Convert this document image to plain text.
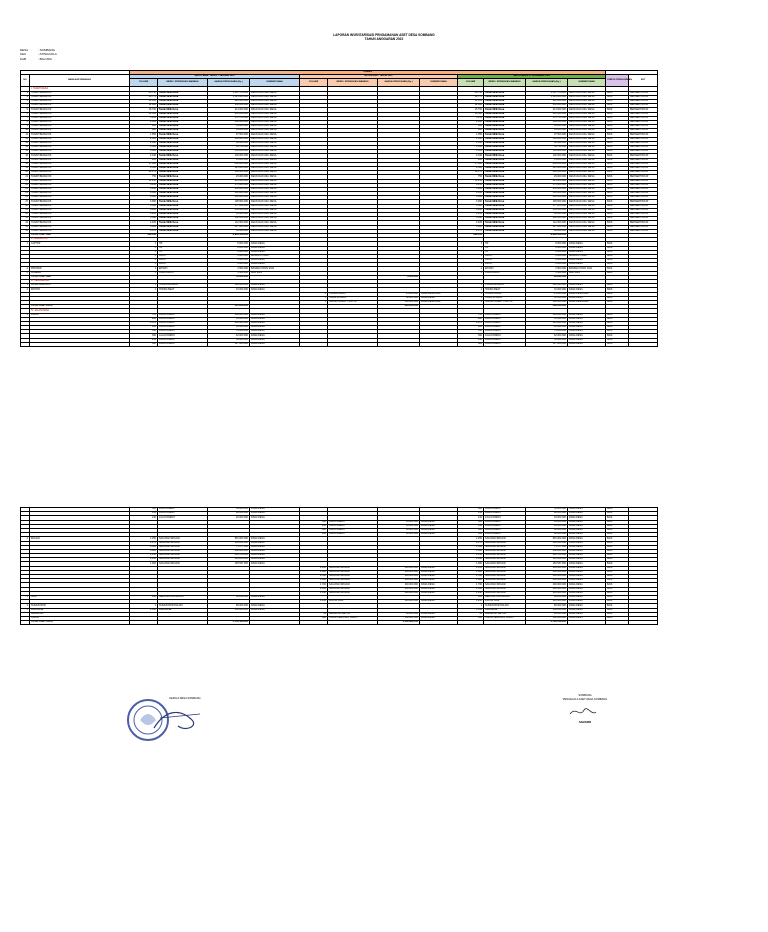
LAPORAN INVENTARISASI PENGAMANAN ASET DESA SOMBANG
TAHUN ANGGARAN 2022
DESA	: SOMBANG
KEC	: ATINGGOLA
KAB	: BALORA
		URAIAN													
NO	NAMA ASET/BARANG	SALDO AWAL TAHUN 1 JANUARI 2022				MUTASI ASET TAHUN 2022				SALDO AKHIR 31 DESEMBER 2022				STATUS PENGGUNAAN	KET
		VOLUME	MERK / SPESIFIKASI BARANG	HARGA PEROLEHAN (Rp.)	SUMBER DANA	VOLUME	MERK / SPESIFIKASI BARANG	HARGA PEROLEHAN (Rp.)	SUMBER DANA	VOLUME	MERK / SPESIFIKASI BARANG	HARGA PEROLEHAN (Rp.)	SUMBER DANA		
	I. TANAH DESA														
1	TANAH BENGKOK	86.740	Tanah Milik Desa	1.467.578.000	KEKAYAAN ASLI DESA					86.740	Tanah Milik Desa	1.467.578.000	KEKAYAAN ASLI DESA	BAIK	BERSERTIFIKAT
2	TANAH BENGKOK	30.775	Tanah Milik Desa	1.125.000.000	KEKAYAAN ASLI DESA					30.775	Tanah Milik Desa	1.125.000.000	KEKAYAAN ASLI DESA	BAIK	BERSERTIFIKAT
3	TANAH BENGKOK	11.100	Tanah Milik Desa	222.000.000	KEKAYAAN ASLI DESA					11.100	Tanah Milik Desa	222.000.000	KEKAYAAN ASLI DESA	BAIK	BERSERTIFIKAT
4	TANAH BENGKOK	12.900	Tanah Milik Desa	258.000.000	KEKAYAAN ASLI DESA					12.900	Tanah Milik Desa	258.000.000	KEKAYAAN ASLI DESA	BAIK	BERSERTIFIKAT
5	TANAH BENGKOK	15.700	Tanah Milik Desa	314.000.000	KEKAYAAN ASLI DESA					15.700	Tanah Milik Desa	314.000.000	KEKAYAAN ASLI DESA	BAIK	BERSERTIFIKAT
6	TANAH BENGKOK	10.300	Tanah Milik Desa	206.000.000	KEKAYAAN ASLI DESA					10.300	Tanah Milik Desa	206.000.000	KEKAYAAN ASLI DESA	BAIK	BERSERTIFIKAT
7	TANAH BENGKOK	3.415	Tanah Milik Desa	170.750.000	KEKAYAAN ASLI DESA					3.415	Tanah Milik Desa	170.750.000	KEKAYAAN ASLI DESA	BAIK	BERSERTIFIKAT
8	TANAH BENGKOK	4.000	Tanah Milik Desa	200.000.000	KEKAYAAN ASLI DESA					4.000	Tanah Milik Desa	200.000.000	KEKAYAAN ASLI DESA	BAIK	BERSERTIFIKAT
9	TANAH BENGKOK	400	Tanah Milik Desa	30.800.000	KEKAYAAN ASLI DESA					400	Tanah Milik Desa	30.800.000	KEKAYAAN ASLI DESA	BAIK	BERSERTIFIKAT
10	TANAH BENGKOK	980	Tanah Milik Desa	39.200.000	KEKAYAAN ASLI DESA					980	Tanah Milik Desa	39.200.000	KEKAYAAN ASLI DESA	BAIK	BERSERTIFIKAT
11	TANAH BENGKOK	1.950	Tanah Milik Desa	97.500.000	KEKAYAAN ASLI DESA					1.950	Tanah Milik Desa	97.500.000	KEKAYAAN ASLI DESA	BAIK	BERSERTIFIKAT
12	TANAH BENGKOK	2.000	Tanah Milik Desa	100.000.000	KEKAYAAN ASLI DESA					2.000	Tanah Milik Desa	100.000.000	KEKAYAAN ASLI DESA	BAIK	BERSERTIFIKAT
13	TANAH BENGKOK	2.810	Tanah Milik Desa	88.000.000	KEKAYAAN ASLI DESA					2.810	Tanah Milik Desa	88.000.000	KEKAYAAN ASLI DESA	BAIK	BERSERTIFIKAT
14	TANAH BENGKOK	1.395	Tanah Milik Desa	69.750.000	KEKAYAAN ASLI DESA					1.395	Tanah Milik Desa	69.750.000	KEKAYAAN ASLI DESA	BAIK	BERSERTIFIKAT
15	TANAH BENGKOK	3.300	Tanah Milik Desa	165.000.000	KEKAYAAN ASLI DESA					3.300	Tanah Milik Desa	165.000.000	KEKAYAAN ASLI DESA	BAIK	BERSERTIFIKAT
16	TANAH BENGKOK	2.040	Tanah Milik Desa	102.000.000	KEKAYAAN ASLI DESA					2.040	Tanah Milik Desa	102.000.000	KEKAYAAN ASLI DESA	BAIK	BERSERTIFIKAT
17	TANAH BENGKOK	280	Tanah Milik Desa	14.000.000	KEKAYAAN ASLI DESA					280	Tanah Milik Desa	14.000.000	KEKAYAAN ASLI DESA	BAIK	BERSERTIFIKAT
18	TANAH BENGKOK	17.960	Tanah Milik Desa	808.200.000	KEKAYAAN ASLI DESA					17.960	Tanah Milik Desa	808.200.000	KEKAYAAN ASLI DESA	BAIK	BERSERTIFIKAT
19	TANAH BENGKOK	4.500	Tanah Milik Desa	225.000.000	KEKAYAAN ASLI DESA					4.500	Tanah Milik Desa	225.000.000	KEKAYAAN ASLI DESA	BAIK	BERSERTIFIKAT
20	TANAH BENGKOK	14.173	Tanah Milik Desa	680.000.000	KEKAYAAN ASLI DESA					14.173	Tanah Milik Desa	680.000.000	KEKAYAAN ASLI DESA	BAIK	BERSERTIFIKAT
21	TANAH BENGKOK	750	Tanah Milik Desa	29.000.000	KEKAYAAN ASLI DESA					750	Tanah Milik Desa	29.000.000	KEKAYAAN ASLI DESA	BAIK	BERSERTIFIKAT
22	TANAH BENGKOK	11.250	Tanah Milik Desa	225.000.000	KEKAYAAN ASLI DESA					11.250	Tanah Milik Desa	225.000.000	KEKAYAAN ASLI DESA	BAIK	BERSERTIFIKAT
23	TANAH BENGKOK	8.250	Tanah Milik Desa	371.000.000	KEKAYAAN ASLI DESA					8.250	Tanah Milik Desa	371.000.000	KEKAYAAN ASLI DESA	BAIK	BERSERTIFIKAT
24	TANAH BENGKOK	5.000	Tanah Milik Desa	250.000.000	KEKAYAAN ASLI DESA					5.000	Tanah Milik Desa	250.000.000	KEKAYAAN ASLI DESA	BAIK	BERSERTIFIKAT
25	TANAH BENGKOK	9.630	Tanah Milik Desa	385.200.000	KEKAYAAN ASLI DESA					9.630	Tanah Milik Desa	385.200.000	KEKAYAAN ASLI DESA	BAIK	BERSERTIFIKAT
26	TANAH BENGKOK	6.000	Tanah Milik Desa	300.000.000	KEKAYAAN ASLI DESA					6.000	Tanah Milik Desa	300.000.000	KEKAYAAN ASLI DESA	BAIK	BERSERTIFIKAT
27	TANAH BENGKOK	3.990	Tanah Milik Desa	199.500.000	KEKAYAAN ASLI DESA					3.990	Tanah Milik Desa	199.500.000	KEKAYAAN ASLI DESA	BAIK	BERSERTIFIKAT
28	TANAH BENGKOK	3.500	Tanah Milik Desa	177.000.000	KEKAYAAN ASLI DESA					3.500	Tanah Milik Desa	177.000.000	KEKAYAAN ASLI DESA	BAIK	BERSERTIFIKAT
29	TANAH BENGKOK	6.400	Tanah Milik Desa	256.000.000	KEKAYAAN ASLI DESA					6.400	Tanah Milik Desa	256.000.000	KEKAYAAN ASLI DESA	BAIK	BERSERTIFIKAT
30	TANAH BENGKOK	1.200	Tanah Milik Desa	60.000.000	KEKAYAAN ASLI DESA					1.200	Tanah Milik Desa	60.000.000	KEKAYAAN ASLI DESA	BAIK	BERSERTIFIKAT
31	TANAH BENGKOK	3.640	Tanah Milik Desa	182.000.000	KEKAYAAN ASLI DESA					3.640	Tanah Milik Desa	182.000.000	KEKAYAAN ASLI DESA	BAIK	BERSERTIFIKAT
32	TANAH BENGKOK	2.405	Tanah Milik Desa	112.000.000	KEKAYAAN ASLI DESA					2.405	Tanah Milik Desa	112.000.000	KEKAYAAN ASLI DESA	BAIK	BERSERTIFIKAT
33	TANAH BENGKOK	5.000	Tanah Milik Desa	217.000.000	KEKAYAAN ASLI DESA					5.000	Tanah Milik Desa	217.000.000	KEKAYAAN ASLI DESA	BAIK	BERSERTIFIKAT
34	TANAH BENGKOK	2.170	Tanah Milik Desa	86.000.000	KEKAYAAN ASLI DESA					2.170	Tanah Milik Desa	86.000.000	KEKAYAAN ASLI DESA	BAIK	BERSERTIFIKAT
	TOTAL ASET RWI	299.160		8.933.028.000						299.160		8.933.028.000			
	II. PERALATAN														
1	LAPTOP	1	HP	8.000.000	DANA DESA					1	HP	8.000.000	DANA DESA	BAIK	
		1	HP	8.000.000	DANA DESA					1	HP	8.000.000	DANA DESA	BAIK	
		1	HP	8.000.000	DANA DESA					1	HP	8.000.000	DANA DESA	BAIK	
		1	ASUS	8.000.000	BANPROV 2020					1	ASUS	8.000.000	BANPROV 2020	BAIK	
		1	ASUS	8.000.000	DANA DESA					1	ASUS	8.000.000	DANA DESA	BAIK	
		1	ASUS	8.000.000	DANA DESA					1	ASUS	8.000.000	DANA DESA	BAIK	
2	PRINTER	1	EPSON	2.500.000	BANKEU PROV 2021					1	EPSON	2.500.000	BANKEU PROV 2021	BAIK	
3	KAMERA	1	CANON EOS	5.500.000	ADD 2021					1	CANON EOS	5.500.000	ADD 2021	BAIK	
	TOTAL ASET RWI			55.000.000				9.000.000				60.000.000			
	III. KENDARAAN														
1	MOBIL AMBULAN	1	HONDA MOBILIO	190.000.000	DANA DESA					1	HONDA MOBILIO	190.000.000	DANA DESA	BAIK	
2	MOTOR	1	HONDA BEAT	16.000.000	DANA DESA					1	HONDA BEAT	16.000.000	DANA DESA	BAIK	
						1	HONDA VARIO	25.000.000	DANA DESA 2022	1	HONDA VARIO	25.000.000	DANA DESA 2022	BAIK	
						1	YAMAHA NMAX	32.000.000	DANA DESA	1	YAMAHA NMAX	32.000.000	DANA DESA	BAIK	
						1	SUZUKI CARRY PICK UP	130.000.000	DANA DESA 2022	1	SUZUKI CARRY PICK UP	130.000.000	DANA DESA 2022	BAIK	
	TOTAL ASET KIB C			201.000.000				485.000.000				408.000.000			
	IV. JALAN DESA														
1	JALAN	765	JALAN RABAT	189.000.000	DANA DESA					765	JALAN RABAT	189.000.000	DANA DESA	BAIK	
		280	JALAN RABAT	63.000.000	DANA DESA					280	JALAN RABAT	63.000.000	DANA DESA	BAIK	
		4.672	JALAN RABAT	318.000.000	DANA DESA					4.672	JALAN RABAT	318.000.000	DANA DESA	BAIK	
		400	JALAN RABAT	90.000.000	DANA DESA					400	JALAN RABAT	90.000.000	DANA DESA	BAIK	
		340	JALAN RABAT	76.000.000	DANA DESA					340	JALAN RABAT	76.000.000	DANA DESA	BAIK	
		300	JALAN RABAT	62.000.000	DANA DESA					300	JALAN RABAT	62.000.000	DANA DESA	BAIK	
		250	JALAN RABAT	58.000.000	DANA DESA					250	JALAN RABAT	58.000.000	DANA DESA	BAIK	
		600	JALAN RABAT	127.000.000	DANA DESA					600	JALAN RABAT	127.000.000	DANA DESA	BAIK	
		320	JALAN RABAT	56.000.000	DANA DESA					320	JALAN RABAT	56.000.000	DANA DESA	BAIK	
		412	JALAN RABAT	88.000.000	DANA DESA					412	JALAN RABAT	88.000.000	DANA DESA	BAIK	
		210	JALAN RABAT	46.000.000	DANA DESA					210	JALAN RABAT	46.000.000	DANA DESA	BAIK	
						300	JALAN RABAT	65.000.000	DANA DESA	300	JALAN RABAT	65.000.000	DANA DESA	BAIK	
						210	JALAN RABAT	46.000.000	DANA DESA	210	JALAN RABAT	46.000.000	DANA DESA	BAIK	
						380	JALAN RABAT	83.000.000	DANA DESA	380	JALAN RABAT	83.000.000	DANA DESA	BAIK	
						400	JALAN RABAT	88.000.000	DANA DESA	400	JALAN RABAT	88.000.000	DANA DESA	BAIK	
2	IRIGASI	1.250	SALURAN IRIGASI	840.000.000	DANA DESA					1.250	SALURAN IRIGASI	840.000.000	DANA DESA	BAIK	
		4.170	SALURAN IRIGASI	318.226.000	DANA DESA					4.170	SALURAN IRIGASI	318.226.000	DANA DESA	BAIK	
		2.500	SALURAN IRIGASI	75.577.000	DANA DESA					2.500	SALURAN IRIGASI	75.577.000	DANA DESA	BAIK	
		3.800	SALURAN IRIGASI	288.000.000	DANA DESA					3.800	SALURAN IRIGASI	288.000.000	DANA DESA	BAIK	
		4.150	SALURAN IRIGASI	306.700.000	DANA DESA					4.150	SALURAN IRIGASI	306.700.000	DANA DESA	BAIK	
		2.100	SALURAN IRIGASI	146.000.000	DANA DESA					2.100	SALURAN IRIGASI	146.000.000	DANA DESA	BAIK	
		1.900	SALURAN IRIGASI	183.537.900	DANA DESA					1.900	SALURAN IRIGASI	183.537.900	DANA DESA	BAIK	
						2.100	SALURAN IRIGASI	200.000.000	DANA DESA	2.100	SALURAN IRIGASI	200.000.000	DANA DESA	BAIK	
						1.980	SALURAN IRIGASI	190.000.000	DANA DESA	1.980	SALURAN IRIGASI	190.000.000	DANA DESA	BAIK	
						2.540	SALURAN IRIGASI	200.000.000	DANA DESA	2.540	SALURAN IRIGASI	200.000.000	DANA DESA	BAIK	
						1.620	SALURAN IRIGASI	200.000.000	DANA DESA	1.620	SALURAN IRIGASI	200.000.000	DANA DESA	BAIK	
						1.700	SALURAN IRIGASI	200.000.000	DANA DESA	1.700	SALURAN IRIGASI	200.000.000	DANA DESA	BAIK	
						2.000	SALURAN IRIGASI	200.000.000	DANA DESA	2.000	SALURAN IRIGASI	200.000.000	DANA DESA	BAIK	
						1.440	SALURAN IRIGASI	200.000.000	DANA DESA	1.440	SALURAN IRIGASI	200.000.000	DANA DESA	BAIK	
3	GOR	100	GEDUNG OLAHRAGA	60.238.000	DANA DESA					100	GEDUNG OLAHRAGA	60.238.000	DANA DESA	BAIK	
						1.200	LANTAI GOR	120.000.000	DANA DESA	1.200	LANTAI GOR	120.000.000	DANA DESA	BAIK	
4	SUMUR BOR	1	SUMUR BOR DALAM	80.000.000	DANA DESA					1	SUMUR BOR DALAM	80.000.000	DANA DESA	BAIK	
5	DRAINASE	1.050	DRAINASE	150.000.000	DANA DESA					1.050	DRAINASE	150.000.000	DANA DESA	BAIK	
	JEMBATAN					12	JEMBATAN BETON	90.000.000	DANA DESA	12	JEMBATAN BETON	90.000.000	DANA DESA	BAIK	
	TALUD					300	TALUD PENAHAN TANAH	180.000.000	DANA DESA	300	TALUD PENAHAN TANAH	180.000.000	DANA DESA	BAIK	
	TOTAL ASET KIB D			5,752,423,000				2,162,986,100				5,796,519,000			
KEPALA DESA SOMBANG
SOMBANG
PENGELOLA ASET DESA SOMBANG
SAMARNI
